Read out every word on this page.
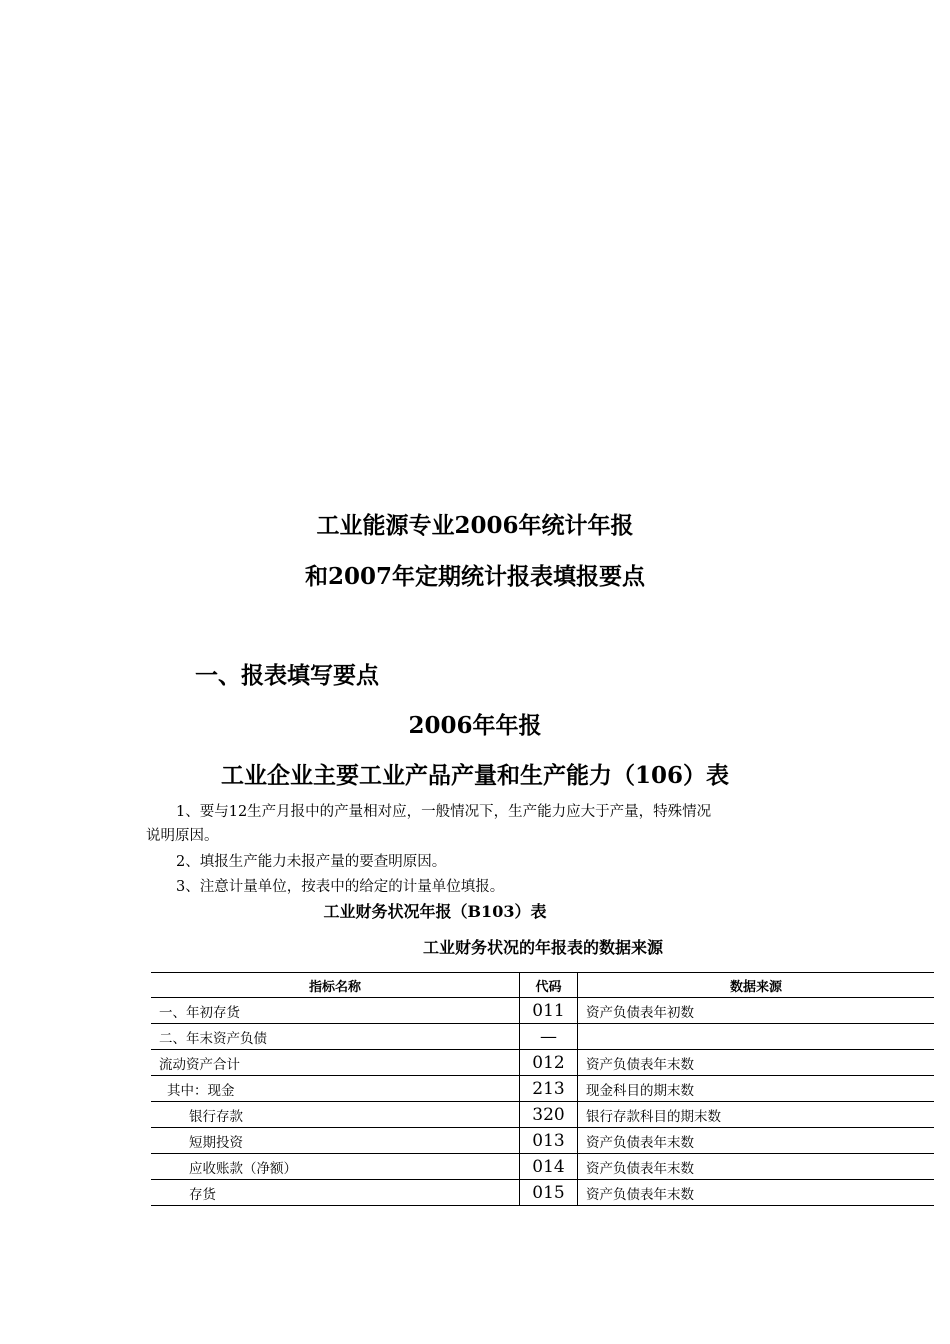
工业能源专业2006年统计年报
和2007年定期统计报表填报要点
一、报表填写要点
2006年年报
工业企业主要工业产品产量和生产能力（106）表
1、要与12生产月报中的产量相对应，一般情况下，生产能力应大于产量，特殊情况
说明原因。
2、填报生产能力未报产量的要查明原因。
3、注意计量单位，按表中的给定的计量单位填报。
工业财务状况年报（B103）表
工业财务状况的年报表的数据来源
指标名称	代码	数据来源
一、年初存货	011	资产负债表年初数
二、年末资产负债	—	
流动资产合计	012	资产负债表年末数
其中：现金	213	现金科目的期末数
银行存款	320	银行存款科目的期末数
短期投资	013	资产负债表年末数
应收账款（净额）	014	资产负债表年末数
存货	015	资产负债表年末数
